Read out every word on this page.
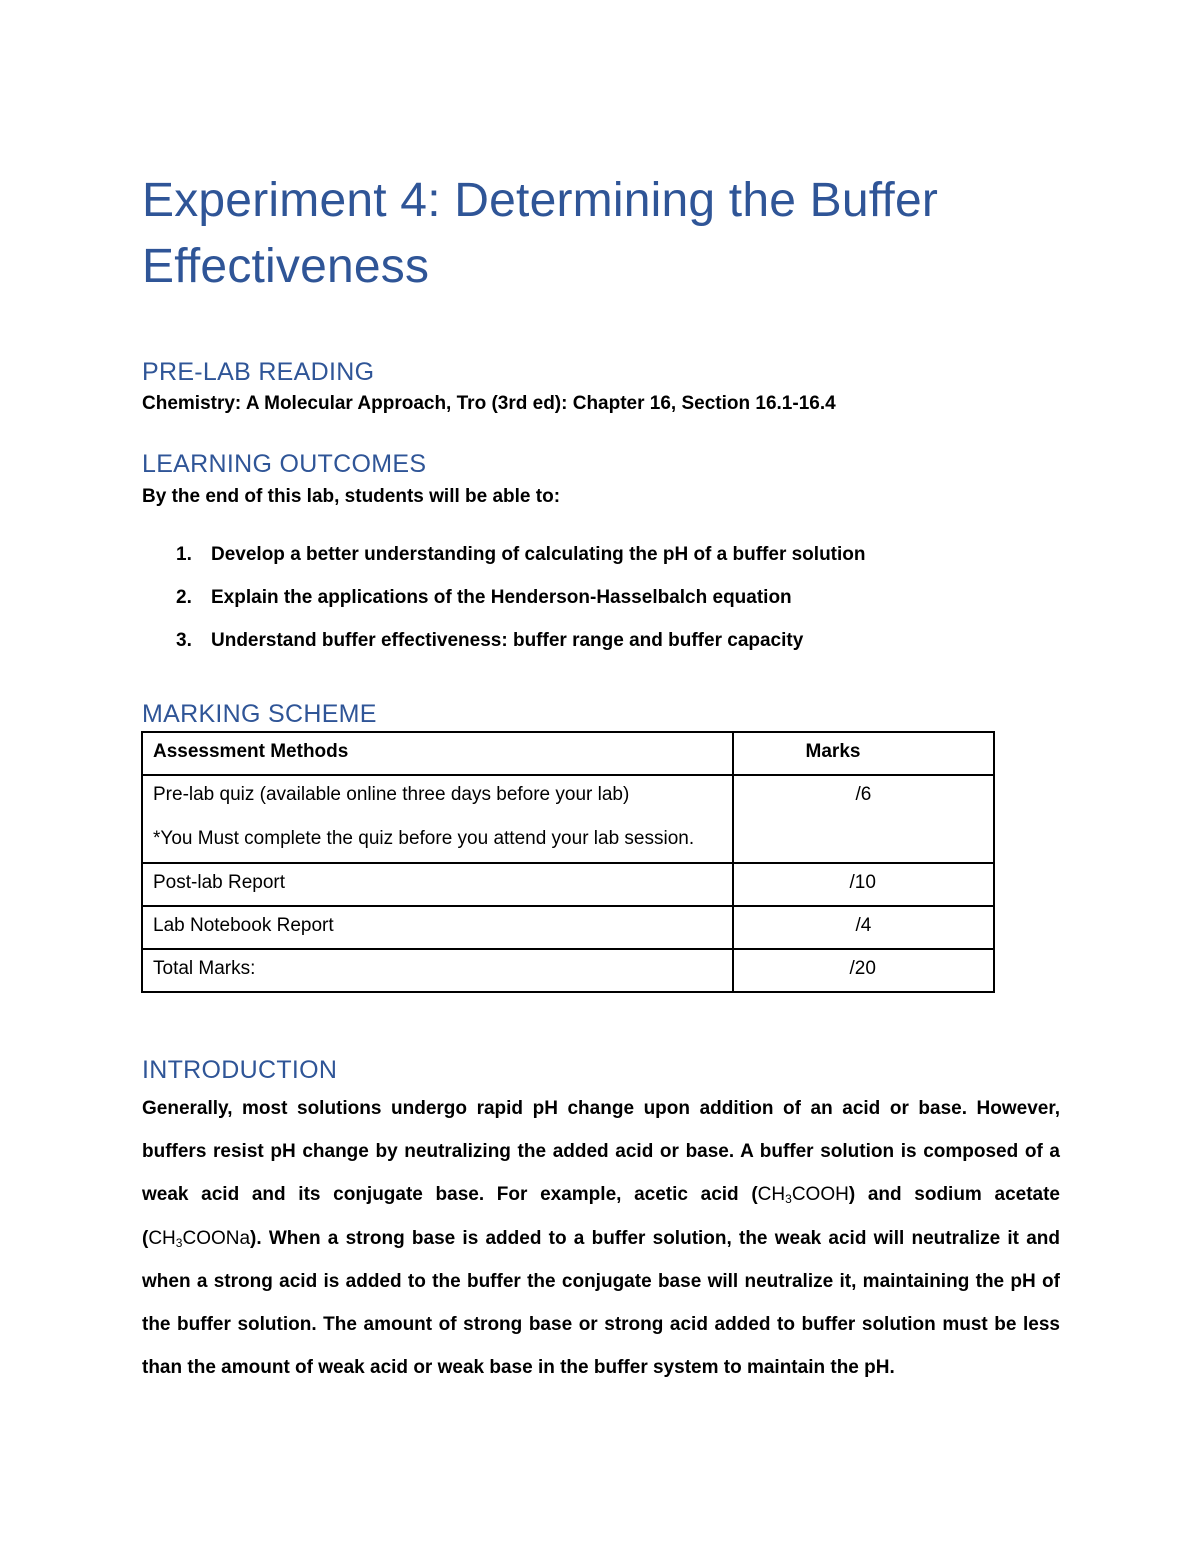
Experiment 4: Determining the Buffer Effectiveness
PRE-LAB READING

Chemistry: A Molecular Approach, Tro (3rd ed): Chapter 16, Section 16.1-16.4

LEARNING OUTCOMES

By the end of this lab, students will be able to:

1.	Develop a better understanding of calculating the pH of a buffer solution
2.	Explain the applications of the Henderson-Hasselbalch equation
3.	Understand buffer effectiveness: buffer range and buffer capacity
MARKING SCHEME
Assessment Methods	Marks

Pre-lab quiz (available online three days before your lab)
*You Must complete the quiz before you attend your lab session.	/6

Post-lab Report	/10

Lab Notebook Report	/4

Total Marks:	/20
INTRODUCTION

Generally, most solutions undergo rapid pH change upon addition of an acid or base. However, buffers resist pH change by neutralizing the added acid or base. A buffer solution is composed of a weak acid and its conjugate base. For example, acetic acid $(CH_3COOH)$ and sodium acetate $(CH_3COONa)$. When a strong base is added to a buffer solution, the weak acid will neutralize it and when a strong acid is added to the buffer the conjugate base will neutralize it, maintaining the pH of the buffer solution. The amount of strong base or strong acid added to buffer solution must be less than the amount of weak acid or weak base in the buffer system to maintain the pH.
